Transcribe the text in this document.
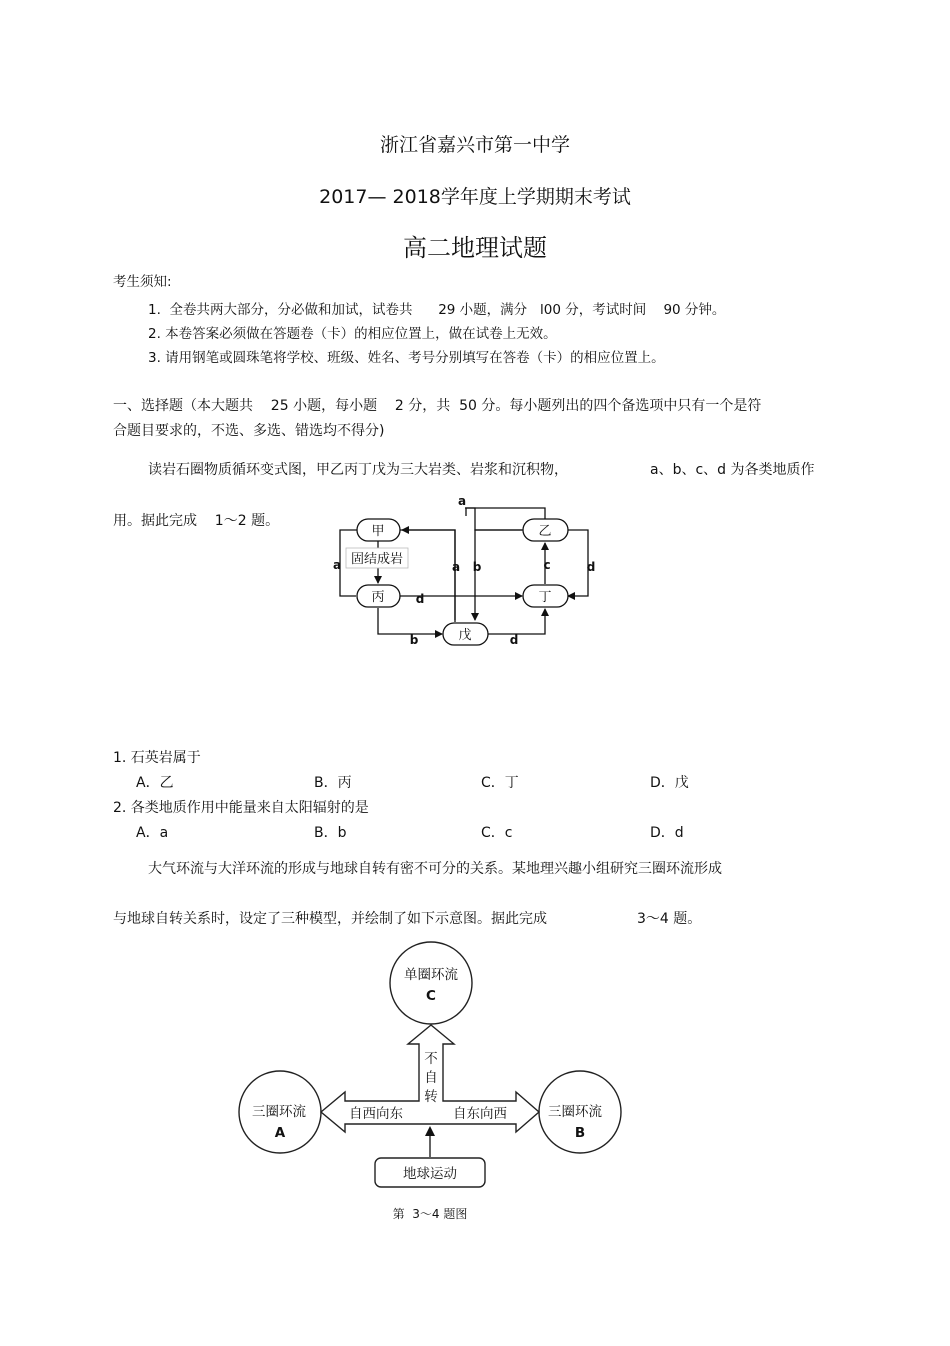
浙江省嘉兴市第一中学
2017— 2018学年度上学期期末考试
高二地理试题
考生须知:
1.  全卷共两大部分，分必做和加试，试卷共      29 小题，满分   l00 分，考试时间    90 分钟。
2. 本卷答案必须做在答题卷（卡）的相应位置上，做在试卷上无效。
3. 请用钢笔或圆珠笔将学校、班级、姓名、考号分别填写在答卷（卡）的相应位置上。
一、选择题（本大题共    25 小题，每小题    2 分，共  50 分。每小题列出的四个备选项中只有一个是符
合题目要求的，不选、多选、错选均不得分)
读岩石圈物质循环变式图，甲乙丙丁戊为三大岩类、岩浆和沉积物，	a、b、c、d 为各类地质作
用。据此完成    1～2 题。
甲	乙
丙	丁
戊
固结成岩
a
a	a b	c	d
d
b	d
1. 石英岩属于
A．乙	B．丙	C．丁	D．戊
2. 各类地质作用中能量来自太阳辐射的是
A．a	B．b	C．c	D．d
大气环流与大洋环流的形成与地球自转有密不可分的关系。某地理兴趣小组研究三圈环流形成
与地球自转关系时，设定了三种模型，并绘制了如下示意图。据此完成	3～4 题。
单圈环流
C
三圈环流
A
三圈环流
B
不
自
转
自西向东	自东向西
地球运动
第  3～4 题图
